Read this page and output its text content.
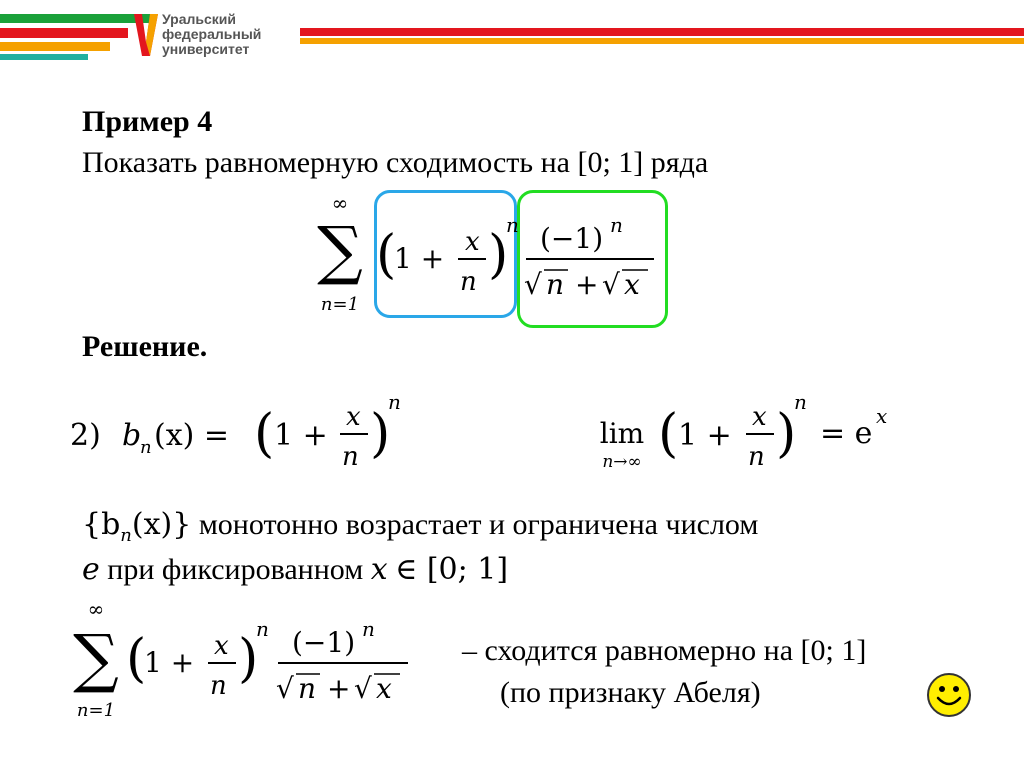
Уральский
федеральный
университет
Пример 4
Показать равномерную сходимость на [0; 1] ряда
∞
∑
n=1
(
1 + x
n )
n (−1) n
√ n + √ x
Решение.
2) b
n (x) = ( 1 +
x
n )
n
lim
n→∞ ( 1 +
x
n )
n
= e x
$\{b_n(x)\}$ монотонно возрастает и ограничена числом
e при фиксированном x ∈ [0; 1]
∞
∑
n=1
(
1 + x
n )
n (−1) n
√ n + √ x
– сходится равномерно на [0; 1]
(по признаку Абеля)
